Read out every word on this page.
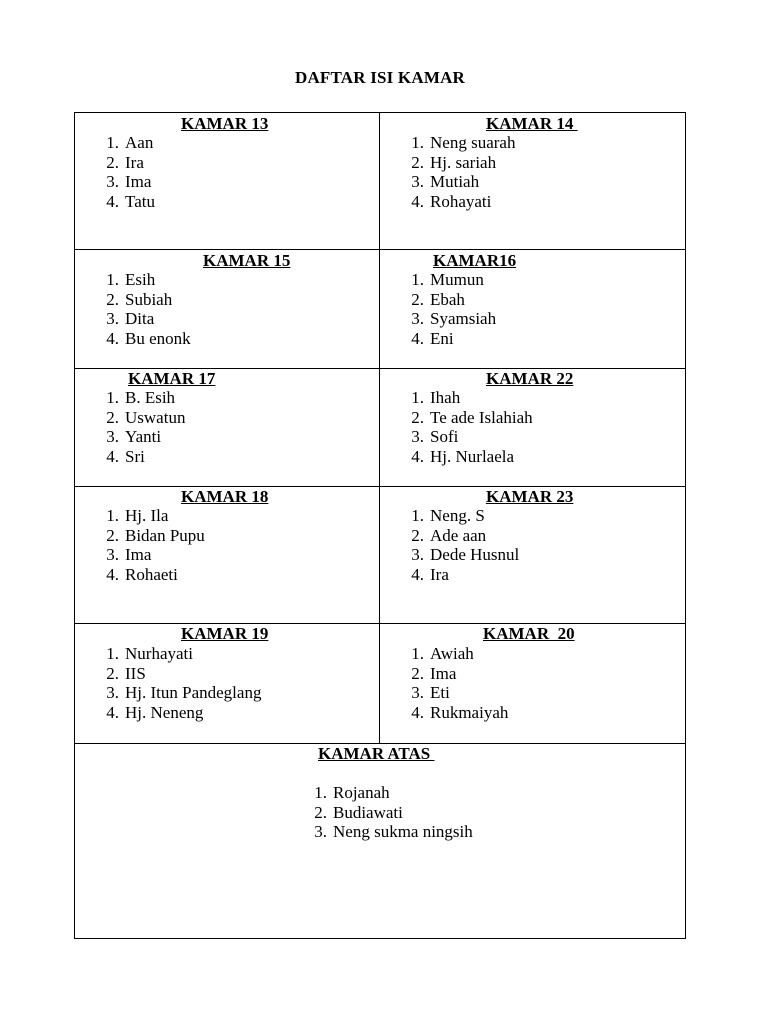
DAFTAR ISI KAMAR
KAMAR 13
1. Aan
2. Ira
3. Ima
4. Tatu
KAMAR 14
1. Neng suarah
2. Hj. sariah
3. Mutiah
4. Rohayati
KAMAR 15
1. Esih
2. Subiah
3. Dita
4. Bu enonk
KAMAR16
1. Mumun
2. Ebah
3. Syamsiah
4. Eni
KAMAR 17
1. B. Esih
2. Uswatun
3. Yanti
4. Sri
KAMAR 22
1. Ihah
2. Te ade Islahiah
3. Sofi
4. Hj. Nurlaela
KAMAR 18
1. Hj. Ila
2. Bidan Pupu
3. Ima
4. Rohaeti
KAMAR 23
1. Neng. S
2. Ade aan
3. Dede Husnul
4. Ira
KAMAR 19
1. Nurhayati
2. IIS
3. Hj. Itun Pandeglang
4. Hj. Neneng
KAMAR  20
1. Awiah
2. Ima
3. Eti
4. Rukmaiyah
KAMAR ATAS
1. Rojanah
2. Budiawati
3. Neng sukma ningsih
